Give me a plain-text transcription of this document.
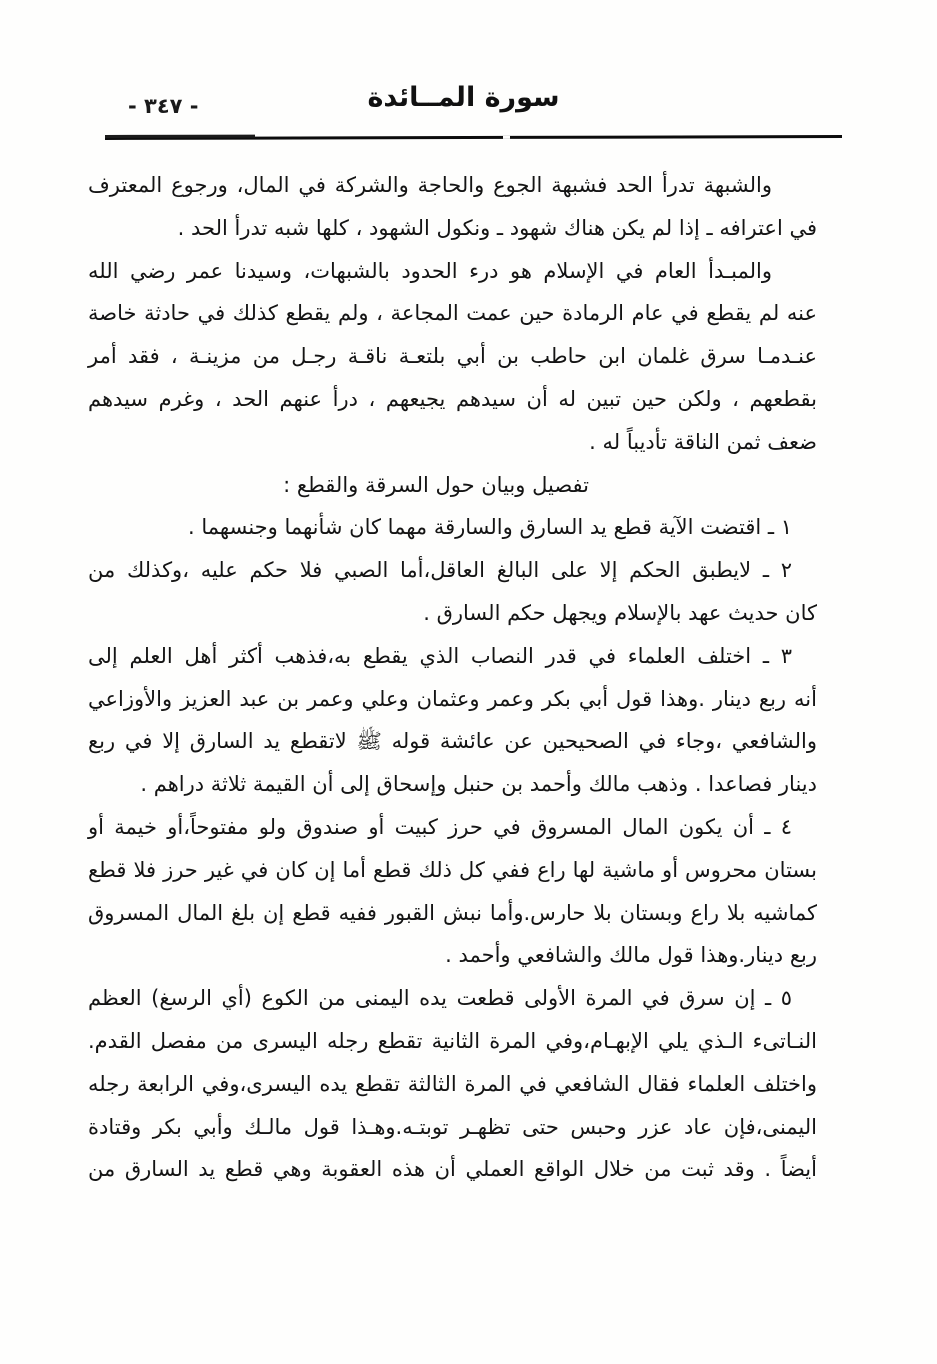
- ٣٤٧ -	سورة المــائدة
والشبهة تدرأ الحد فشبهة الجوع والحاجة والشركة في المال، ورجوع المعترف
في اعترافه ـ إذا لم يكن هناك شهود ـ ونكول الشهود ، كلها شبه تدرأ الحد .
والمبـدأ العام في الإسلام هو درء الحدود بالشبهات، وسيدنا عمر رضي الله
عنه لم يقطع في عام الرمادة حين عمت المجاعة ، ولم يقطع كذلك في حادثة خاصة
عنـدمـا سرق غلمان ابن حاطب بن أبي بلتعـة ناقـة رجـل من مزينـة ، فقد أمر
بقطعهم ، ولكن حين تبين له أن سيدهم يجيعهم ، درأ عنهم الحد ، وغرم سيدهم
ضعف ثمن الناقة تأديباً له .
تفصيل وبيان حول السرقة والقطع :
١ ـ اقتضت الآية قطع يد السارق والسارقة مهما كان شأنهما وجنسهما .
٢ ـ لايطبق الحكم إلا على البالغ العاقل،أما الصبي فلا حكم عليه ،وكذلك من
كان حديث عهد بالإسلام ويجهل حكم السارق .
٣ ـ اختلف العلماء في قدر النصاب الذي يقطع به،فذهب أكثر أهل العلم إلى
أنه ربع دينار .وهذا قول أبي بكر وعمر وعثمان وعلي وعمر بن عبد العزيز والأوزاعي
والشافعي ،وجاء في الصحيحين عن عائشة قوله ﷺ لاتقطع يد السارق إلا في ربع
دينار فصاعدا . وذهب مالك وأحمد بن حنبل وإسحاق إلى أن القيمة ثلاثة دراهم .
٤ ـ أن يكون المال المسروق في حرز كبيت أو صندوق ولو مفتوحاً،أو خيمة أو
بستان محروس أو ماشية لها راع ففي كل ذلك قطع أما إن كان في غير حرز فلا قطع
كماشيه بلا راع وبستان بلا حارس.وأما نبش القبور ففيه قطع إن بلغ المال المسروق
ربع دينار.وهذا قول مالك والشافعي وأحمد .
٥ ـ إن سرق في المرة الأولى قطعت يده اليمنى من الكوع (أي الرسغ) العظم
النـاتىء الـذي يلي الإبهـام،وفي المرة الثانية تقطع رجله اليسرى من مفصل القدم.
واختلف العلماء فقال الشافعي في المرة الثالثة تقطع يده اليسرى،وفي الرابعة رجله
اليمنى،فإن عاد عزر وحبس حتى تظهـر توبتـه.وهـذا قول مالـك وأبي بكر وقتادة
أيضاً . وقد ثبت من خلال الواقع العملي أن هذه العقوبة وهي قطع يد السارق من
